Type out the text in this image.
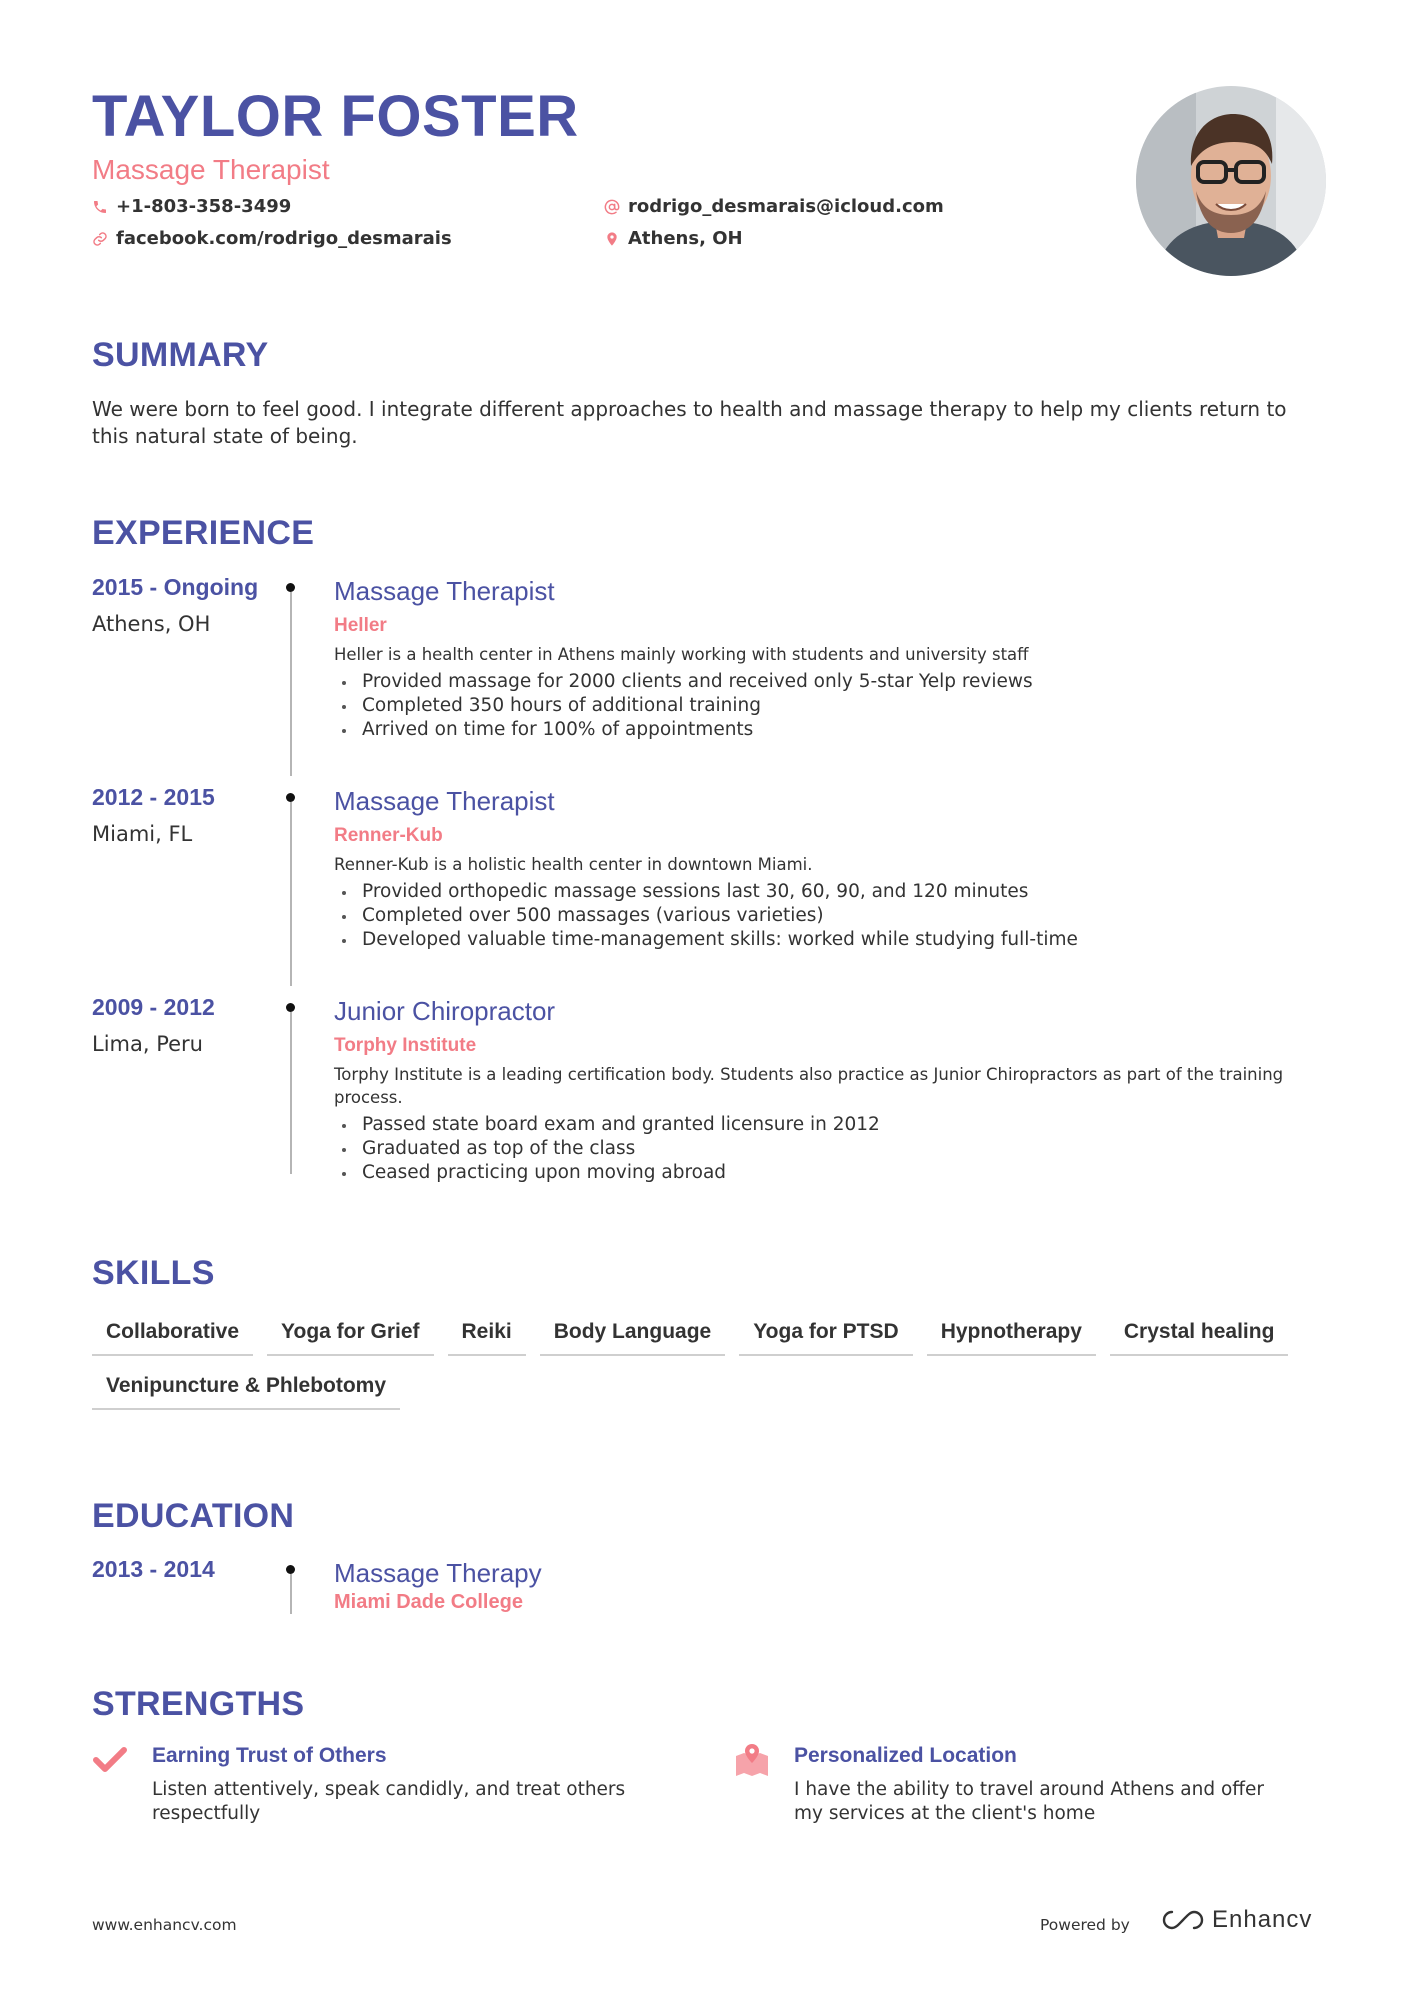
TAYLOR FOSTER
Massage Therapist
+1-803-358-3499
facebook.com/rodrigo_desmarais
rodrigo_desmarais@icloud.com
Athens, OH
SUMMARY
We were born to feel good. I integrate different approaches to health and massage therapy to help my clients return to this natural state of being.
EXPERIENCE
2015 - Ongoing
Athens, OH
Massage Therapist
Heller
Heller is a health center in Athens mainly working with students and university staff
Provided massage for 2000 clients and received only 5-star Yelp reviews
Completed 350 hours of additional training
Arrived on time for 100% of appointments
2012 - 2015
Miami, FL
Massage Therapist
Renner-Kub
Renner-Kub is a holistic health center in downtown Miami.
Provided orthopedic massage sessions last 30, 60, 90, and 120 minutes
Completed over 500 massages (various varieties)
Developed valuable time-management skills: worked while studying full-time
2009 - 2012
Lima, Peru
Junior Chiropractor
Torphy Institute
Torphy Institute is a leading certification body. Students also practice as Junior Chiropractors as part of the training process.
Passed state board exam and granted licensure in 2012
Graduated as top of the class
Ceased practicing upon moving abroad
SKILLS
Collaborative	Yoga for Grief	Reiki	Body Language	Yoga for PTSD	Hypnotherapy	Crystal healing
Venipuncture & Phlebotomy
EDUCATION
2013 - 2014	Massage Therapy
Miami Dade College
STRENGTHS
Earning Trust of Others
Listen attentively, speak candidly, and treat others respectfully
Personalized Location
I have the ability to travel around Athens and offer my services at the client's home
www.enhancv.com	Powered by	Enhancv
